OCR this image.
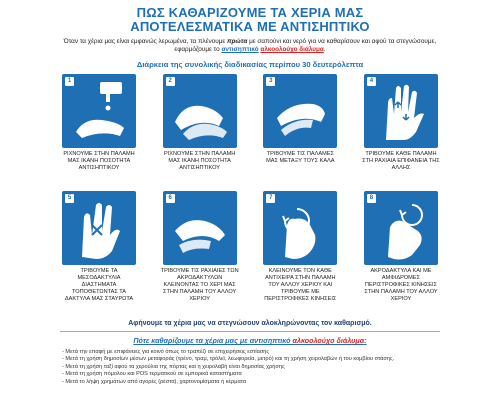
ΠΩΣ ΚΑΘΑΡΙΖΟΥΜΕ ΤΑ ΧΕΡΙΑ ΜΑΣ
ΑΠΟΤΕΛΕΣΜΑΤΙΚΑ ΜΕ ΑΝΤΙΣΗΠΤΙΚΟ
Όταν τα χέρια μας είναι εμφανώς λερωμένα, τα πλένουμε πρώτα με σαπούνι και νερό για να καθαρίσουν και αφού τα στεγνώσουμε, εφαρμόζουμε το αντισηπτικό αλκοολούχο διάλυμα.
Διάρκεια της συνολικής διαδικασίας περίπου 30 δευτερόλεπτα
1
ΡΙΧΝΟΥΜΕ ΣΤΗΝ ΠΑΛΑΜΗ ΜΑΣ ΙΚΑΝΗ ΠΟΣΟΤΗΤΑ ΑΝΤΙΣΗΠΤΙΚΟΥ
2
ΡΙΧΝΟΥΜΕ ΣΤΗΝ ΠΑΛΑΜΗ ΜΑΣ ΙΚΑΝΗ ΠΟΣΟΤΗΤΑ ΑΝΤΙΣΗΠΤΙΚΟΥ
3
ΤΡΙΒΟΥΜΕ ΤΙΣ ΠΑΛΑΜΕΣ ΜΑΣ ΜΕΤΑΞΥ ΤΟΥΣ ΚΑΛΑ
4
ΤΡΙΒΟΥΜΕ ΚΑΘΕ ΠΑΛΑΜΗ ΣΤΗ ΡΑΧΙΑΙΑ ΕΠΙΦΑΝΕΙΑ ΤΗΣ ΑΛΛΗΣ
5
ΤΡΙΒΟΥΜΕ ΤΑ ΜΕΣΟΔΑΚΤΥΛΙΑ ΔΙΑΣΤΗΜΑΤΑ ΤΟΠΟΘΕΤΩΝΤΑΣ ΤΑ ΔΑΚΤΥΛΑ ΜΑΣ ΣΤΑΥΡΩΤΑ
6
ΤΡΙΒΟΥΜΕ ΤΙΣ ΡΑΧΙΑΙΕΣ ΤΩΝ ΑΚΡΟΔΑΚΤΥΛΩΝ ΚΛΕΙΝΟΝΤΑΣ ΤΟ ΧΕΡΙ ΜΑΣ ΣΤΗΝ ΠΑΛΑΜΗ ΤΟΥ ΑΛΛΟΥ ΧΕΡΙΟΥ
7
ΚΛΕΙΝΟΥΜΕ ΤΟΝ ΚΑΘΕ ΑΝΤΙΧΕΙΡΑ ΣΤΗΝ ΠΑΛΑΜΗ ΤΟΥ ΑΛΛΟΥ ΧΕΡΙΟΥ ΚΑΙ ΤΡΙΒΟΥΜΕ ΜΕ ΠΕΡΙΣΤΡΟΦΙΚΕΣ ΚΙΝΗΣΕΙΣ
8
ΑΚΡΟΔΑΚΤΥΛΑ ΚΑΙ ΜΕ ΑΜΦΙΔΡΟΜΕΣ ΠΕΡΙΣΤΡΟΦΙΚΕΣ ΚΙΝΗΣΕΙΣ ΣΤΗΝ ΠΑΛΑΜΗ ΤΟΥ ΑΛΛΟΥ ΧΕΡΙΟΥ
Αφήνουμε τα χέρια μας να στεγνώσουν αλοκληρώνοντας τον καθαρισμό.
Πότε καθαρίζουμε τα χέρια μας με αντισηπτικό αλκοολούχο διάλυμα:
- Μετά την επαφή με επιφάνειες για κοινό όπως το τραπέζι σε επιχειρήσεις εστίασης
- Μετά τη χρήση δημοσίων μέσων μεταφοράς (τρένο, τραμ, τρόλεϊ, λεωφορεία, μετρό) και τη χρήση χειρολαβών ή του κομβίου στάσης.
- Μετά τη χρήση ταξί αφού τα χερούλια της πόρτας και η χειρολαβή είναι δημοσίας χρήσης
- Μετά τη χρήση πόμολου και POS τερματικού σε εμπορικά καταστήματα
- Μετά το λήψη χρημάτων από αγορές (ρέστα), χαρτονομίσματα ή κέρματα
